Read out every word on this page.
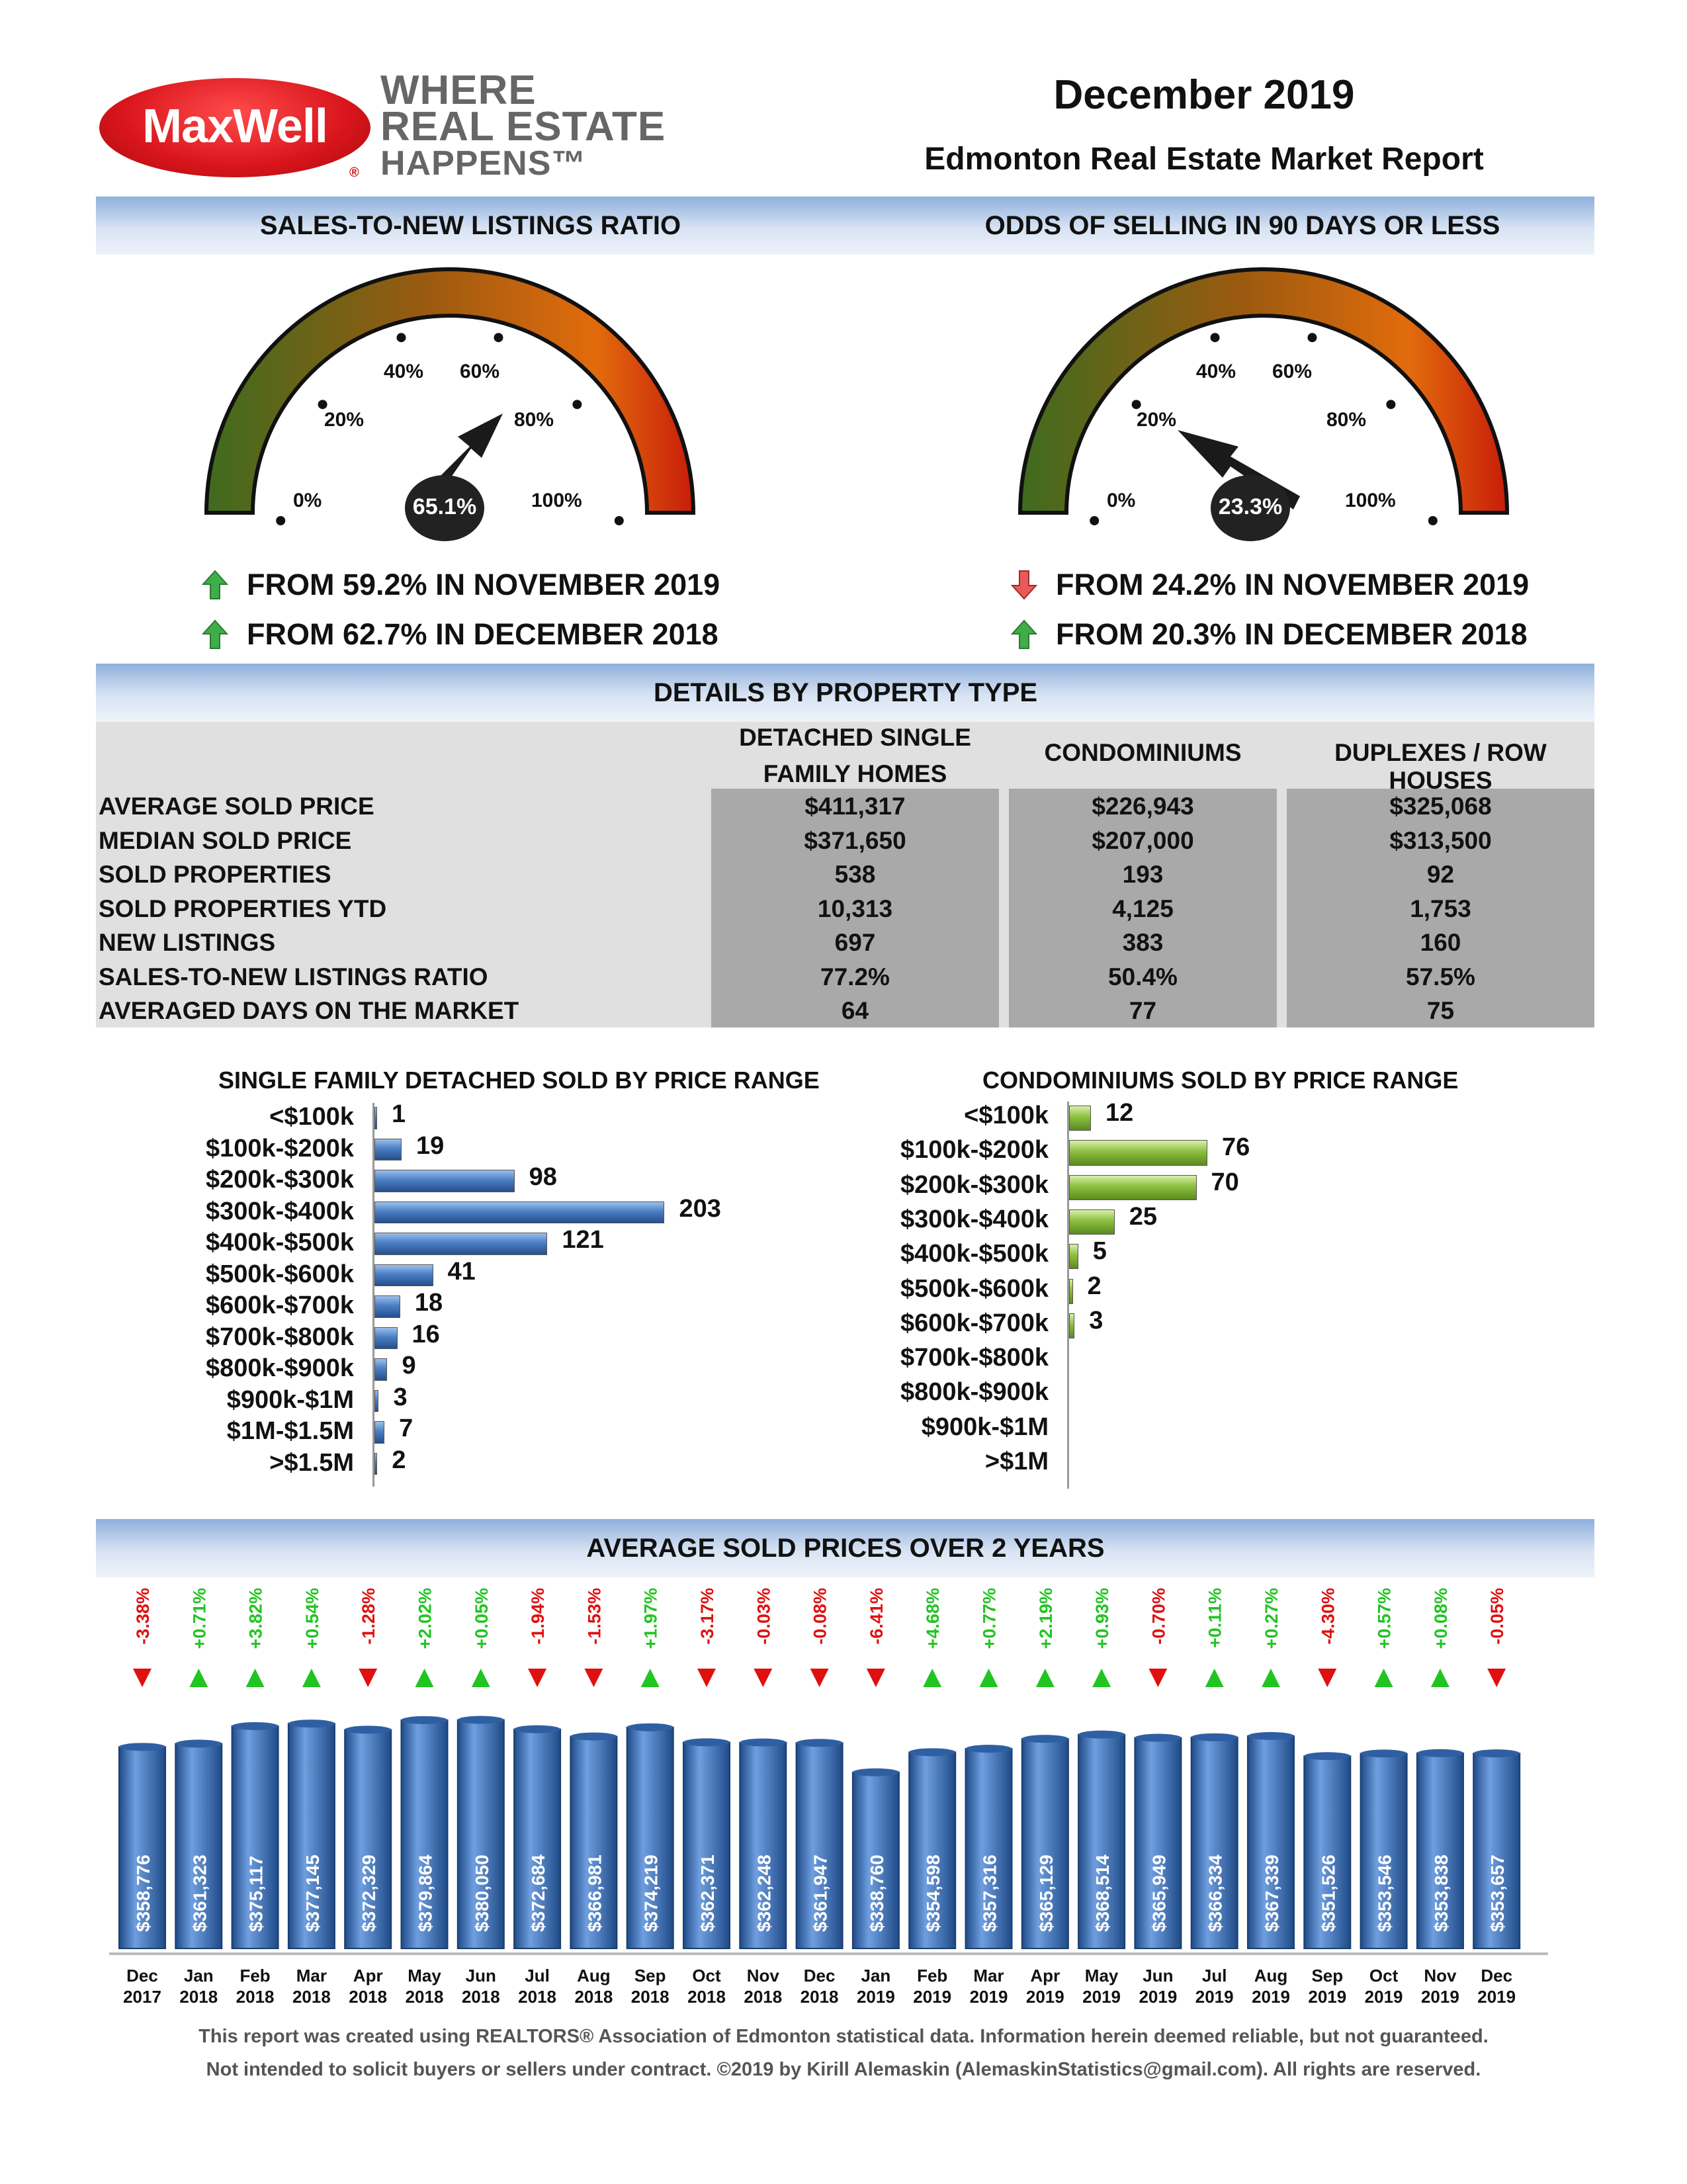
MaxWell
®
WHERE
REAL ESTATE
HAPPENS™
December 2019
Edmonton Real Estate Market Report
SALES-TO-NEW LISTINGS RATIO	ODDS OF SELLING IN 90 DAYS OR LESS
0%
20%
40% 60%
80%
100%
65.1%	0%
20%
40% 60%
80%
100%
23.3%
FROM 59.2% IN NOVEMBER 2019
FROM 62.7% IN DECEMBER 2018
FROM 24.2% IN NOVEMBER 2019
FROM 20.3% IN DECEMBER 2018
DETAILS BY PROPERTY TYPE
DETACHED SINGLE
FAMILY HOMES
CONDOMINIUMS	DUPLEXES / ROW HOUSES
AVERAGE SOLD PRICE	$411,317	$226,943	$325,068
MEDIAN SOLD PRICE	$371,650	$207,000	$313,500
SOLD PROPERTIES	538	193	92
SOLD PROPERTIES YTD	10,313	4,125	1,753
NEW LISTINGS	697	383	160
SALES-TO-NEW LISTINGS RATIO	77.2%	50.4%	57.5%
AVERAGED DAYS ON THE MARKET	64	77	75
SINGLE FAMILY DETACHED SOLD BY PRICE RANGE	CONDOMINIUMS SOLD BY PRICE RANGE
<$100k 1
$100k-$200k 19
$200k-$300k	98
$300k-$400k	203
$400k-$500k	121
$500k-$600k	41
$600k-$700k 18
$700k-$800k 16
$800k-$900k 9
$900k-$1M 3
$1M-$1.5M 7
>$1.5M 2
<$100k 12
$100k-$200k	76
$200k-$300k	70
$300k-$400k	25
$400k-$500k 5
$500k-$600k 2
$600k-$700k 3
$700k-$800k
$800k-$900k
$900k-$1M
>$1M
AVERAGE SOLD PRICES OVER 2 YEARS
$358,776
-3.38%
Dec
2017
$361,323
+0.71%
Jan
2018
$375,117
+3.82%
Feb
2018
$377,145
+0.54%
Mar
2018
$372,329
-1.28%
Apr
2018
$379,864
+2.02%
May
2018
$380,050
+0.05%
Jun
2018
$372,684
-1.94%
Jul
2018
$366,981
-1.53%
Aug
2018
$374,219
+1.97%
Sep
2018
$362,371
-3.17%
Oct
2018
$362,248
-0.03%
Nov
2018
$361,947
-0.08%
Dec
2018
$338,760
-6.41%
Jan
2019
$354,598
+4.68%
Feb
2019
$357,316
+0.77%
Mar
2019
$365,129
+2.19%
Apr
2019
$368,514
+0.93%
May
2019
$365,949
-0.70%
Jun
2019
$366,334
+0.11%
Jul
2019
$367,339
+0.27%
Aug
2019
$351,526
-4.30%
Sep
2019
$353,546
+0.57%
Oct
2019
$353,838
+0.08%
Nov
2019
$353,657
-0.05%
Dec
2019
This report was created using REALTORS® Association of Edmonton statistical data. Information herein deemed reliable, but not guaranteed.
Not intended to solicit buyers or sellers under contract. ©2019 by Kirill Alemaskin (AlemaskinStatistics@gmail.com). All rights are reserved.
